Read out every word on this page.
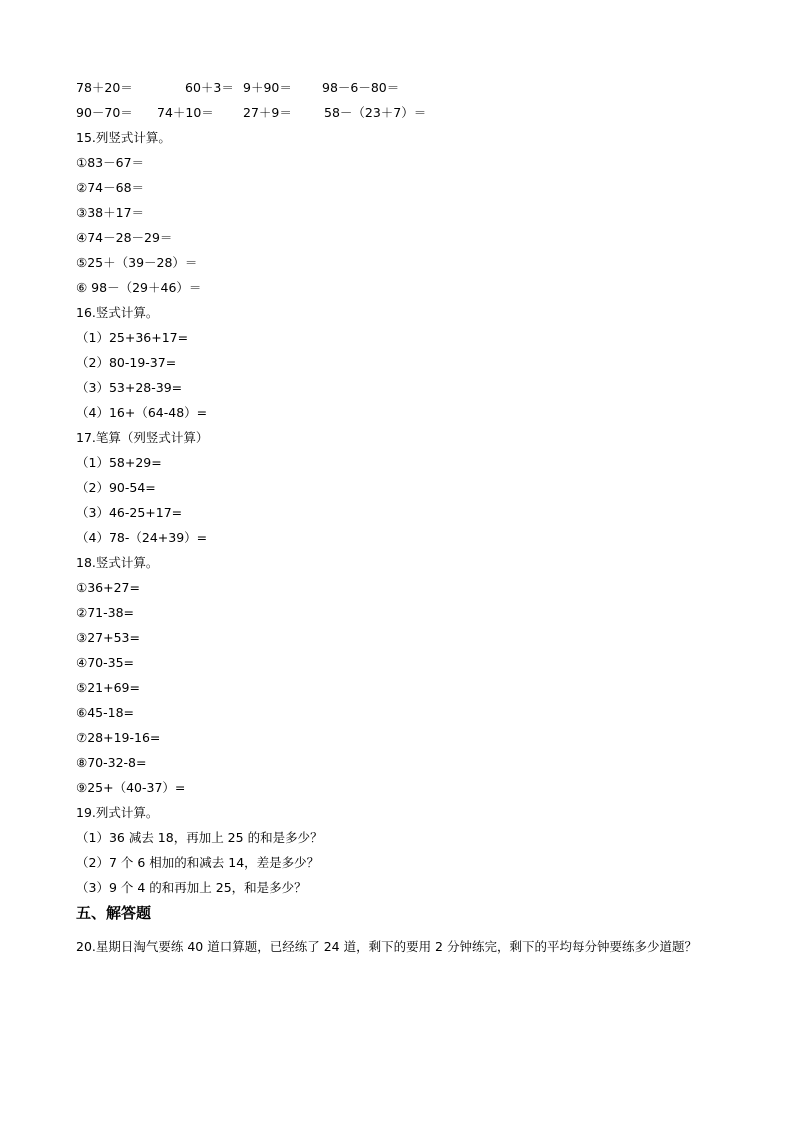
78＋20＝	60＋3＝ 9＋90＝ 98－6－80＝
90－70＝ 74＋10＝ 27＋9＝	58－（23＋7）＝
15.列竖式计算。
①83－67＝
②74－68＝
③38＋17＝
④74－28－29＝
⑤25＋（39－28）＝
⑥ 98－（29＋46）＝
16.竖式计算。
（1）25+36+17=
（2）80-19-37=
（3）53+28-39=
（4）16+（64-48）=
17.笔算（列竖式计算）
（1）58+29=
（2）90-54=
（3）46-25+17=
（4）78-（24+39）=
18.竖式计算。
①36+27=
②71-38=
③27+53=
④70-35=
⑤21+69=
⑥45-18=
⑦28+19-16=
⑧70-32-8=
⑨25+（40-37）=
19.列式计算。
（1）36 减去 18，再加上 25 的和是多少？
（2）7 个 6 相加的和减去 14，差是多少？
（3）9 个 4 的和再加上 25，和是多少？
五、解答题
20.星期日淘气要练 40 道口算题，已经练了 24 道，剩下的要用 2 分钟练完，剩下的平均每分钟要练多少道题？
